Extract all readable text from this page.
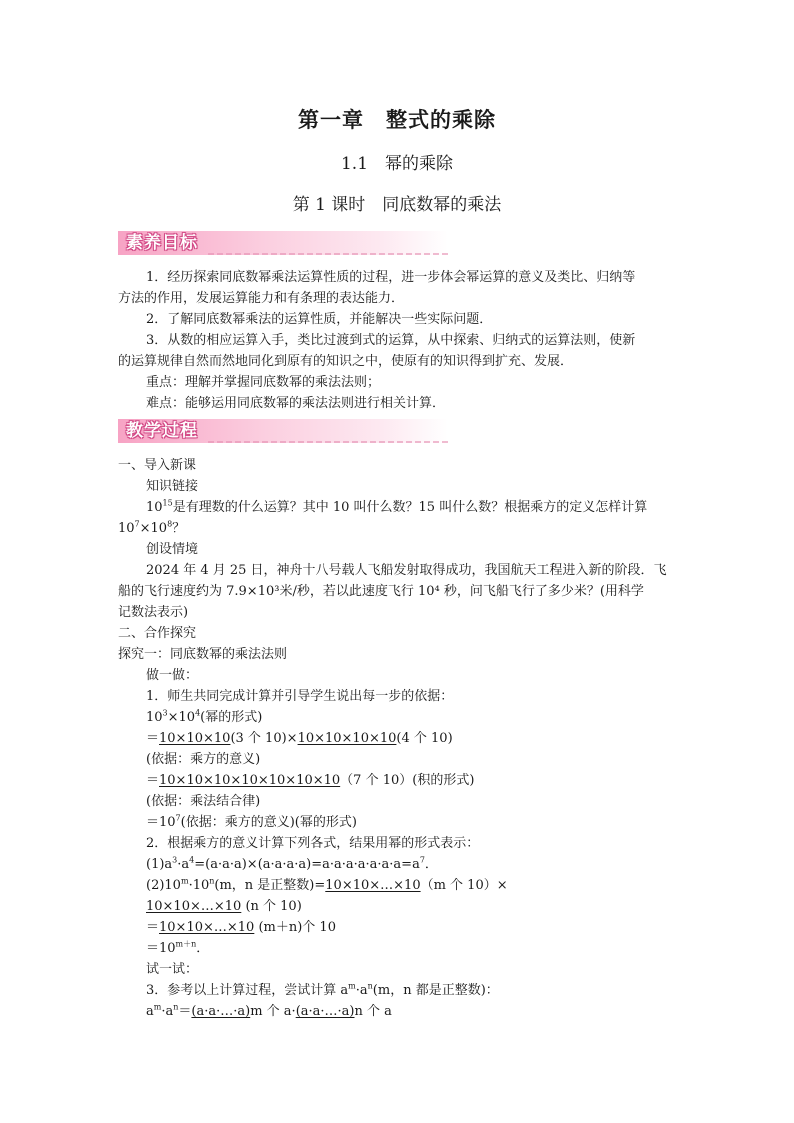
第一章　整式的乘除
1.1　幂的乘除
第 1 课时　同底数幂的乘法
素养目标
1．经历探索同底数幂乘法运算性质的过程，进一步体会幂运算的意义及类比、归纳等
方法的作用，发展运算能力和有条理的表达能力．
2．了解同底数幂乘法的运算性质，并能解决一些实际问题．
3．从数的相应运算入手，类比过渡到式的运算，从中探索、归纳式的运算法则，使新
的运算规律自然而然地同化到原有的知识之中，使原有的知识得到扩充、发展．
重点：理解并掌握同底数幂的乘法法则；
难点：能够运用同底数幂的乘法法则进行相关计算．
教学过程
一、导入新课
知识链接
$10^{15}$是有理数的什么运算？其中 10 叫什么数？15 叫什么数？根据乘方的定义怎样计算
$10^7\times 10^8$？
创设情境
2024 年 4 月 25 日，神舟十八号载人飞船发射取得成功，我国航天工程进入新的阶段．飞
船的飞行速度约为 7.9×10³米/秒，若以此速度飞行 10⁴ 秒，问飞船飞行了多少米？(用科学
记数法表示)
二、合作探究
探究一：同底数幂的乘法法则
做一做：
1．师生共同完成计算并引导学生说出每一步的依据：
$10^3\times 10^4$(幂的形式)
＝10×10×10(3 个 10)×10×10×10×10(4 个 10)
(依据：乘方的意义)
＝10×10×10×10×10×10×10（7 个 10）(积的形式)
(依据：乘法结合律)
$=10^7$(依据：乘方的意义)(幂的形式)
2．根据乘方的意义计算下列各式，结果用幂的形式表示：
$(1)a^3\cdot a^4=(a\cdot a\cdot a)\times(a\cdot a\cdot a\cdot a)=a\cdot a\cdot a\cdot a\cdot a\cdot a\cdot a=a^7$．
$(2)10^m\cdot 10^n(m$，n 是正整数)=10×10×…×10（m 个 10）×
10×10×…×10 (n 个 10)
＝10×10×…×10 (m＋n)个 10
$=10^{m+n}$．
试一试：
3．参考以上计算过程，尝试计算 $a^m\cdot a^n(m$，n 都是正整数)：
$a^m\cdot a^n=(a\cdot a\cdot\dots\cdot a)m$ 个 a·(a·a·…·a)n 个 a
